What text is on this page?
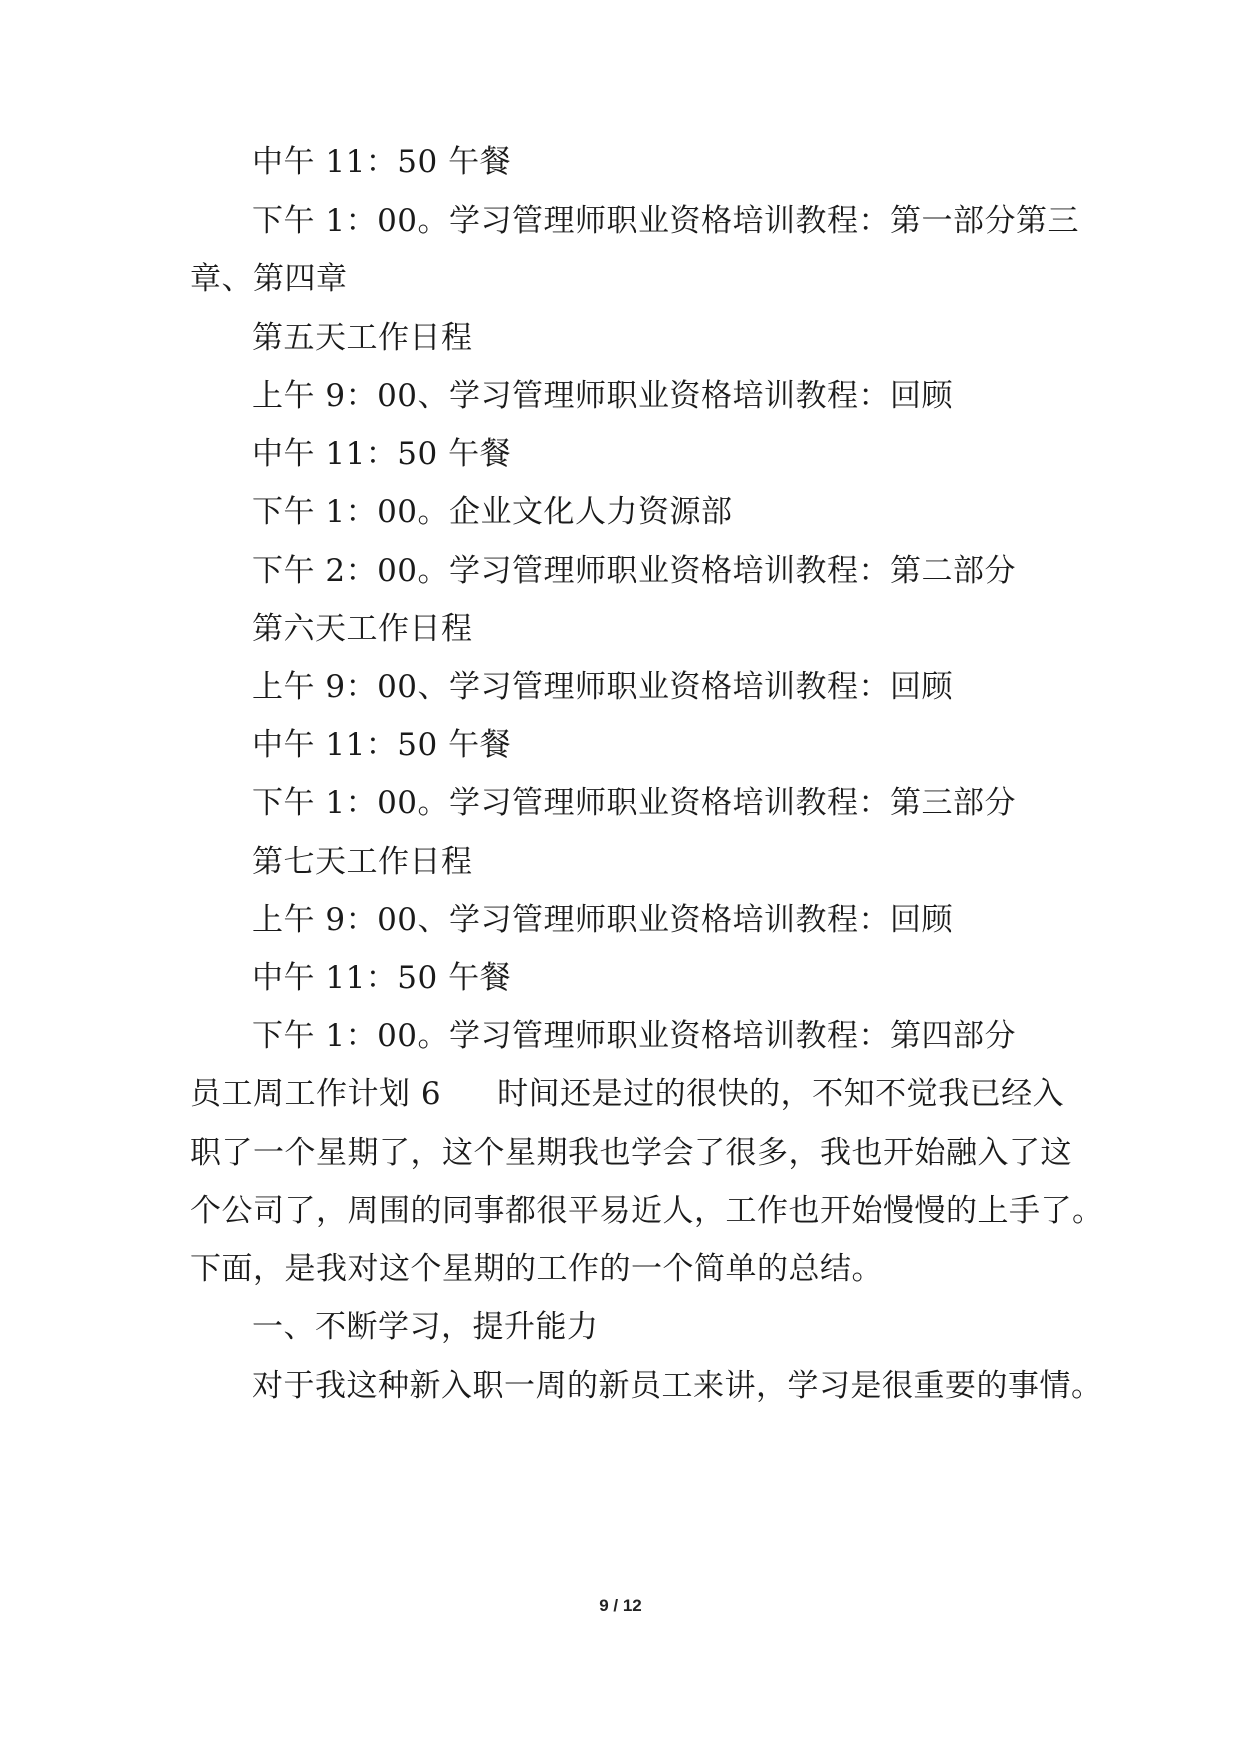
中午 11：50 午餐
下午 1：00。学习管理师职业资格培训教程：第一部分第三
章、第四章
第五天工作日程
上午 9：00、学习管理师职业资格培训教程：回顾
中午 11：50 午餐
下午 1：00。企业文化人力资源部
下午 2：00。学习管理师职业资格培训教程：第二部分
第六天工作日程
上午 9：00、学习管理师职业资格培训教程：回顾
中午 11：50 午餐
下午 1：00。学习管理师职业资格培训教程：第三部分
第七天工作日程
上午 9：00、学习管理师职业资格培训教程：回顾
中午 11：50 午餐
下午 1：00。学习管理师职业资格培训教程：第四部分
员工周工作计划 6 时间还是过的很快的，不知不觉我已经入
职了一个星期了，这个星期我也学会了很多，我也开始融入了这
个公司了，周围的同事都很平易近人，工作也开始慢慢的上手了。
下面，是我对这个星期的工作的一个简单的总结。
一、不断学习，提升能力
对于我这种新入职一周的新员工来讲，学习是很重要的事情。
9 / 12
